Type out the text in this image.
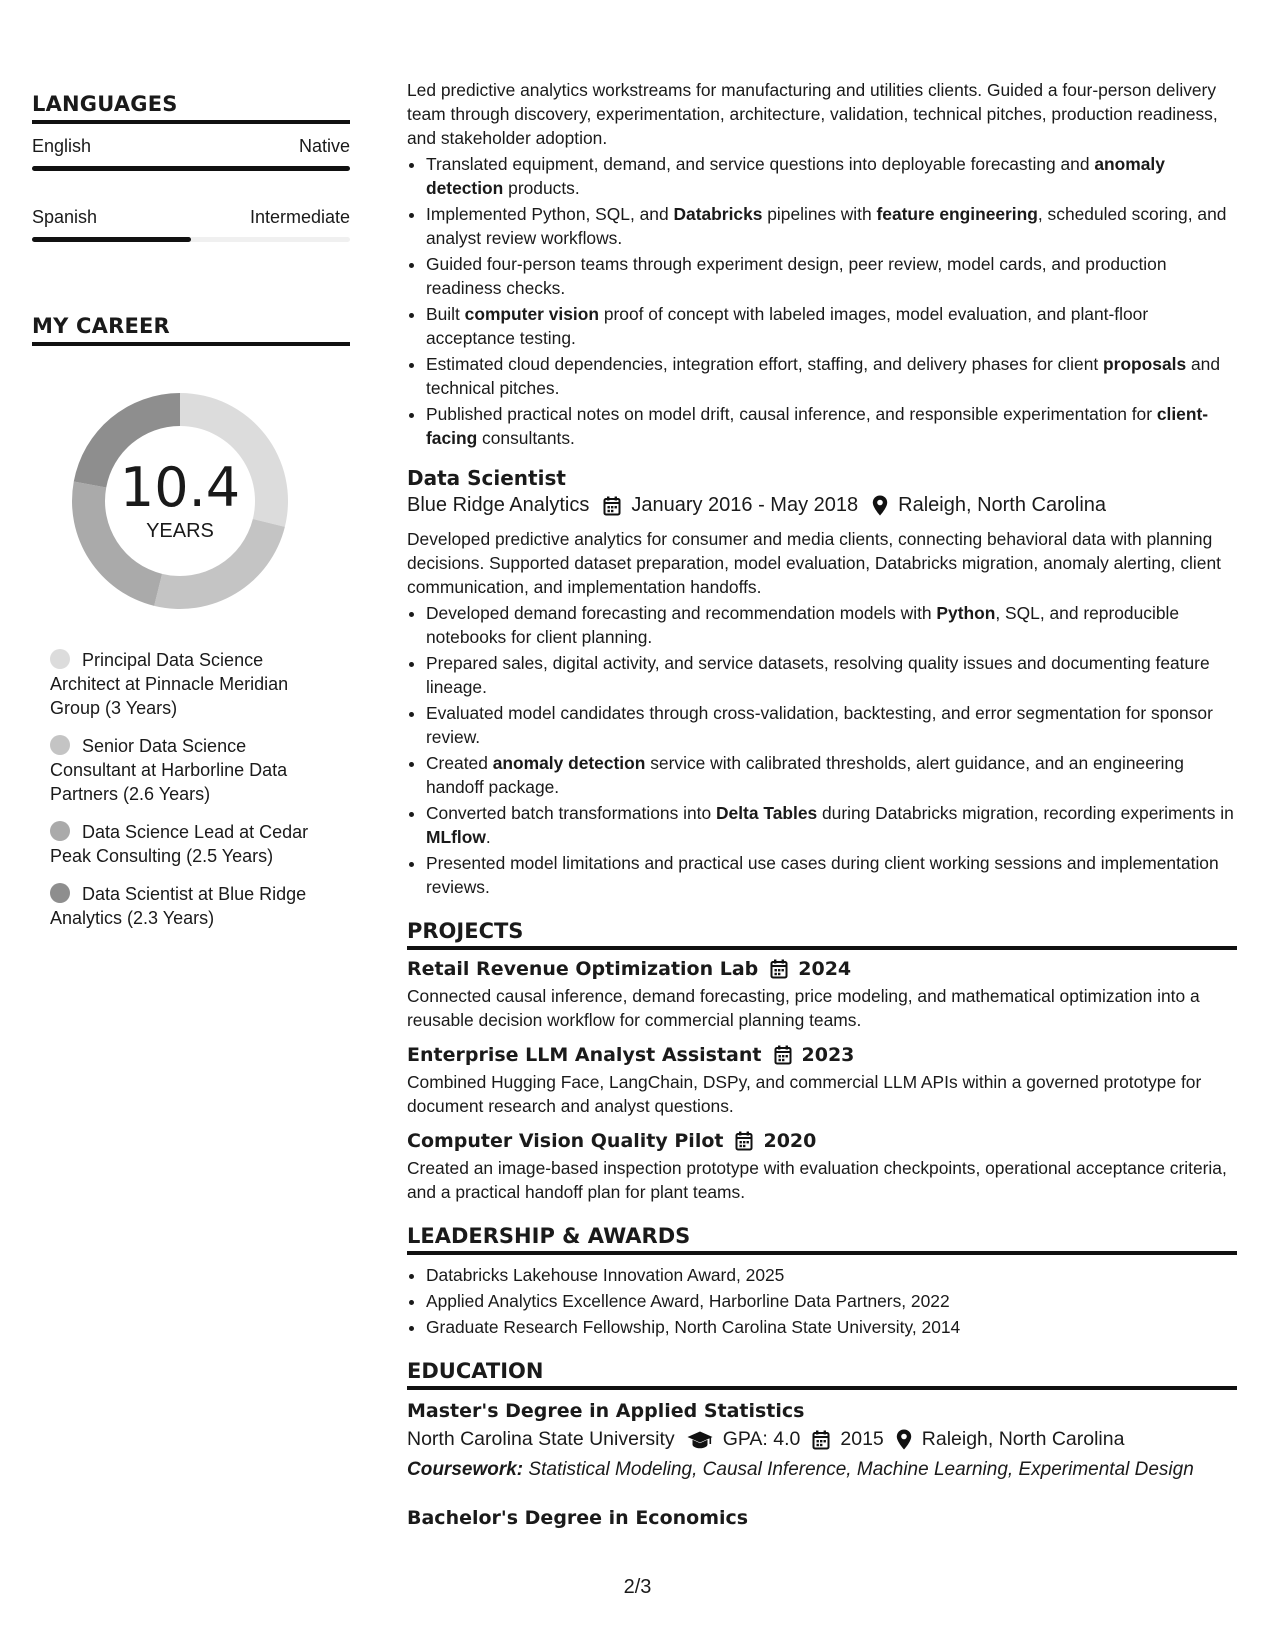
LANGUAGES
English	Native
Spanish	Intermediate
MY CAREER
10.4
YEARS
Principal Data Science Architect at Pinnacle Meridian Group (3 Years)
Senior Data Science Consultant at Harborline Data Partners (2.6 Years)
Data Science Lead at Cedar Peak Consulting (2.5 Years)
Data Scientist at Blue Ridge Analytics (2.3 Years)

Led predictive analytics workstreams for manufacturing and utilities clients. Guided a four-person delivery team through discovery, experimentation, architecture, validation, technical pitches, production readiness, and stakeholder adoption.

• Translated equipment, demand, and service questions into deployable forecasting and anomaly detection products.
• Implemented Python, SQL, and Databricks pipelines with feature engineering, scheduled scoring, and analyst review workflows.
• Guided four-person teams through experiment design, peer review, model cards, and production readiness checks.
• Built computer vision proof of concept with labeled images, model evaluation, and plant-floor acceptance testing.
• Estimated cloud dependencies, integration effort, staffing, and delivery phases for client proposals and technical pitches.
• Published practical notes on model drift, causal inference, and responsible experimentation for client-facing consultants.
Data Scientist
Blue Ridge Analytics January 2016 - May 2018 Raleigh, North Carolina

Developed predictive analytics for consumer and media clients, connecting behavioral data with planning decisions. Supported dataset preparation, model evaluation, Databricks migration, anomaly alerting, client communication, and implementation handoffs.

• Developed demand forecasting and recommendation models with Python, SQL, and reproducible notebooks for client planning.
• Prepared sales, digital activity, and service datasets, resolving quality issues and documenting feature lineage.
• Evaluated model candidates through cross-validation, backtesting, and error segmentation for sponsor review.
• Created anomaly detection service with calibrated thresholds, alert guidance, and an engineering handoff package.
• Converted batch transformations into Delta Tables during Databricks migration, recording experiments in MLflow.
• Presented model limitations and practical use cases during client working sessions and implementation reviews.
PROJECTS
Retail Revenue Optimization Lab 2024

Connected causal inference, demand forecasting, price modeling, and mathematical optimization into a reusable decision workflow for commercial planning teams.

Enterprise LLM Analyst Assistant 2023

Combined Hugging Face, LangChain, DSPy, and commercial LLM APIs within a governed prototype for document research and analyst questions.

Computer Vision Quality Pilot 2020

Created an image-based inspection prototype with evaluation checkpoints, operational acceptance criteria, and a practical handoff plan for plant teams.

LEADERSHIP & AWARDS
• Databricks Lakehouse Innovation Award, 2025
• Applied Analytics Excellence Award, Harborline Data Partners, 2022
• Graduate Research Fellowship, North Carolina State University, 2014
EDUCATION
Master's Degree in Applied Statistics
North Carolina State University GPA: 4.0 2015 Raleigh, North Carolina
Coursework: Statistical Modeling, Causal Inference, Machine Learning, Experimental Design
Bachelor's Degree in Economics
2/3
